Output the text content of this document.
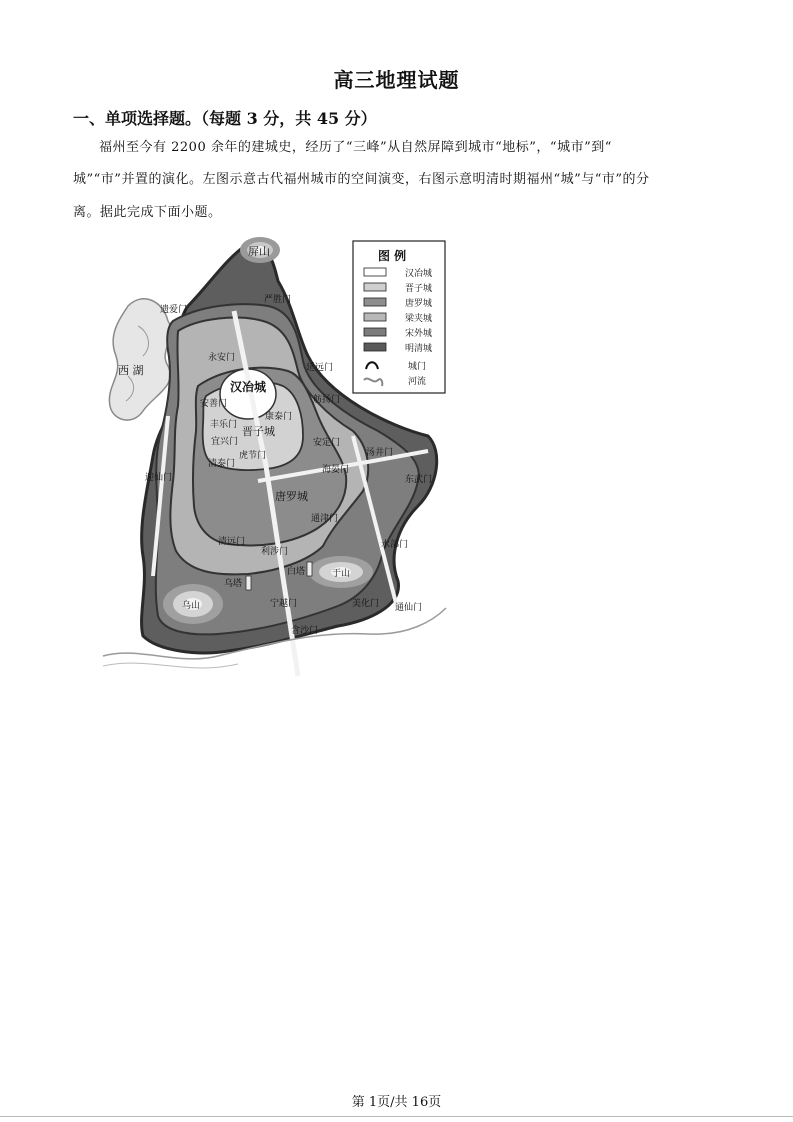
高三地理试题
一、单项选择题。（每题 3 分，共 45 分）
福州至今有 2200 余年的建城史，经历了“三峰”从自然屏障到城市“地标”，“城市”到“
城”“市”并置的演化。左图示意古代福州城市的空间演变，右图示意明清时期福州“城”与“市”的分
离。据此完成下面小题。
屏山
西 湖
乌山
于山
乌塔
白塔
汉冶城
晋子城
唐罗城
遗爱门
严胜门
永安门
延远门
安善门
康泰门
舫扬门
丰乐门
宜兴门	安定门
虎节门
清泰门
汤井门
海晏门
迎仙门	东武门
通津门
清远门
利涉门
水部门
宁越门	美化门 通仙门
含沙门
图 例
汉冶城
晋子城
唐罗城
梁夹城
宋外城
明清城
城门
河流
第 1页/共 16页
